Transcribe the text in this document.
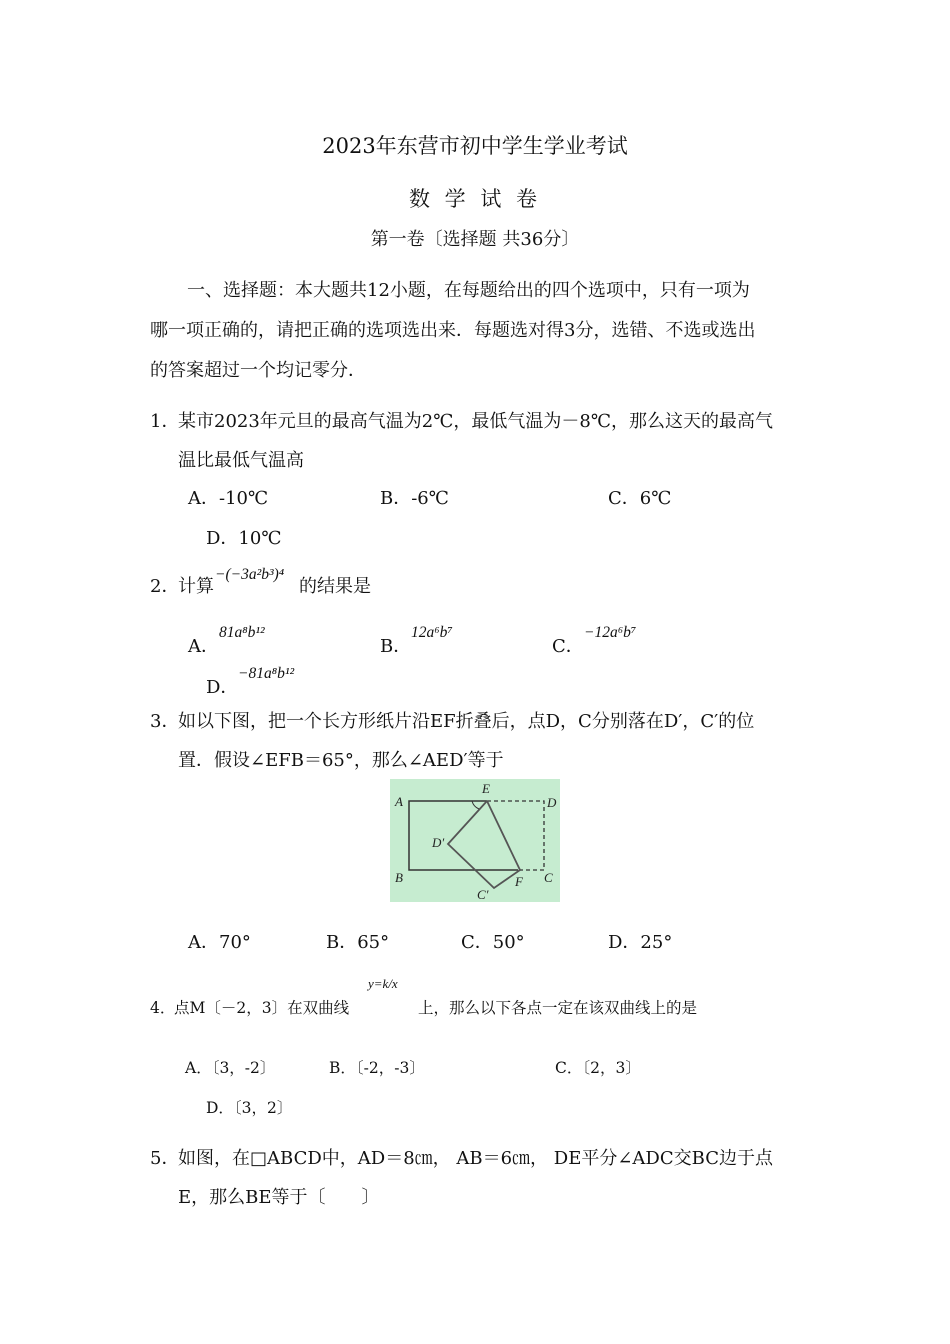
2023年东营市初中学生学业考试
数 学 试 卷
第一卷〔选择题 共36分〕
一、选择题：本大题共12小题，在每题给出的四个选项中，只有一项为
哪一项正确的，请把正确的选项选出来．每题选对得3分，选错、不选或选出
的答案超过一个均记零分．
1．
某市2023年元旦的最高气温为2℃，最低气温为－8℃，那么这天的最高气
温比最低气温高
A．-10℃	B．-6℃	C．6℃
D．10℃
2．
计算
−(−3a²b³)⁴
的结果是
A．
81a⁸b¹²
B．
12a⁶b⁷
C．
−12a⁶b⁷
D．
−81a⁸b¹²
3．
如以下图，把一个长方形纸片沿EF折叠后，点D，C分别落在D′，C′的位
置．假设∠EFB＝65°，那么∠AED′等于
A
E
D
D′
B
C′
F C
A．70°	B．65°	C．50°	D．25°
4．
点M〔－2，3〕在双曲线
y=k/x
上，那么以下各点一定在该双曲线上的是
A．〔3，-2〕	B．〔-2，-3〕	C．〔2，3〕
D．〔3，2〕
5．
如图，在□ABCD中，AD＝8㎝， AB＝6㎝， DE平分∠ADC交BC边于点
E，那么BE等于〔　　〕
